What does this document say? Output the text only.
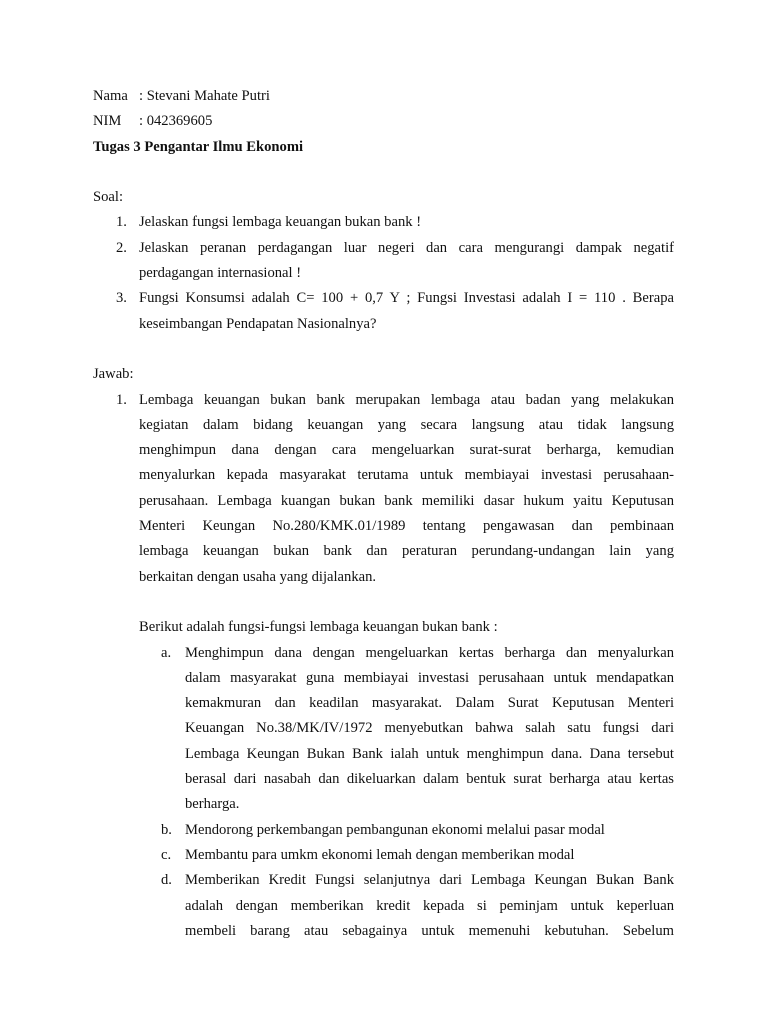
Nama : Stevani Mahate Putri
NIM : 042369605
Tugas 3 Pengantar Ilmu Ekonomi
Soal:
1. Jelaskan fungsi lembaga keuangan bukan bank !
2. Jelaskan peranan perdagangan luar negeri dan cara mengurangi dampak negatif
perdagangan internasional !
3. Fungsi Konsumsi adalah C= 100 + 0,7 Y ; Fungsi Investasi adalah I = 110 . Berapa
keseimbangan Pendapatan Nasionalnya?
Jawab:
1. Lembaga keuangan bukan bank merupakan lembaga atau badan yang melakukan
kegiatan dalam bidang keuangan yang secara langsung atau tidak langsung
menghimpun dana dengan cara mengeluarkan surat-surat berharga, kemudian
menyalurkan kepada masyarakat terutama untuk membiayai investasi perusahaan-
perusahaan. Lembaga kuangan bukan bank memiliki dasar hukum yaitu Keputusan
Menteri Keungan No.280/KMK.01/1989 tentang pengawasan dan pembinaan
lembaga keuangan bukan bank dan peraturan perundang-undangan lain yang
berkaitan dengan usaha yang dijalankan.
Berikut adalah fungsi-fungsi lembaga keuangan bukan bank :
a. Menghimpun dana dengan mengeluarkan kertas berharga dan menyalurkan
dalam masyarakat guna membiayai investasi perusahaan untuk mendapatkan
kemakmuran dan keadilan masyarakat. Dalam Surat Keputusan Menteri
Keuangan No.38/MK/IV/1972 menyebutkan bahwa salah satu fungsi dari
Lembaga Keungan Bukan Bank ialah untuk menghimpun dana. Dana tersebut
berasal dari nasabah dan dikeluarkan dalam bentuk surat berharga atau kertas
berharga.
b. Mendorong perkembangan pembangunan ekonomi melalui pasar modal
c. Membantu para umkm ekonomi lemah dengan memberikan modal
d. Memberikan Kredit Fungsi selanjutnya dari Lembaga Keungan Bukan Bank
adalah dengan memberikan kredit kepada si peminjam untuk keperluan
membeli barang atau sebagainya untuk memenuhi kebutuhan. Sebelum
